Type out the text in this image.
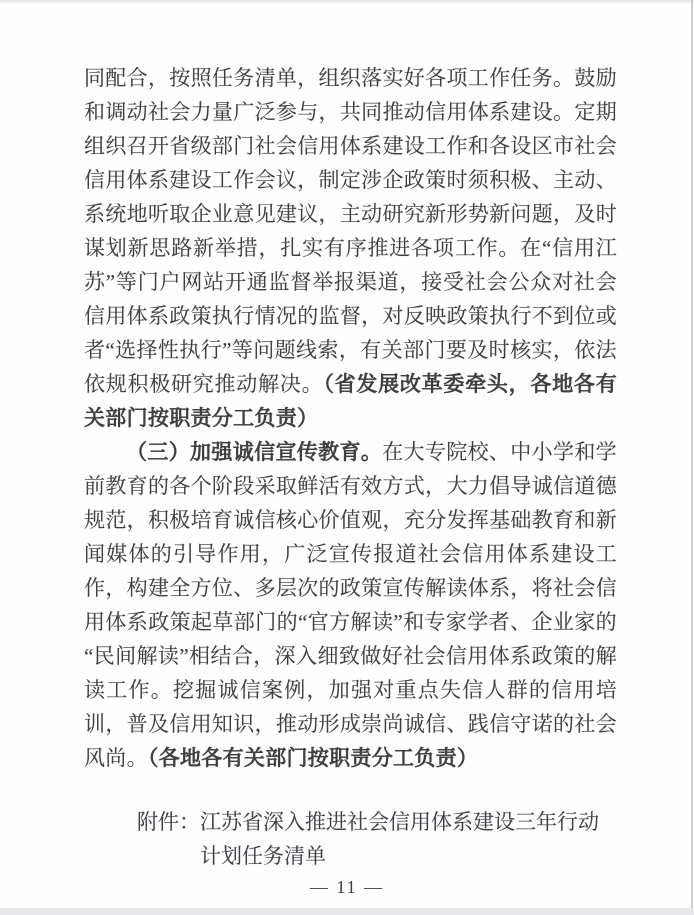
同配合，按照任务清单，组织落实好各项工作任务。鼓励和调动社会力量广泛参与，共同推动信用体系建设。定期组织召开省级部门社会信用体系建设工作和各设区市社会信用体系建设工作会议，制定涉企政策时须积极、主动、系统地听取企业意见建议，主动研究新形势新问题，及时谋划新思路新举措，扎实有序推进各项工作。在“信用江苏”等门户网站开通监督举报渠道，接受社会公众对社会信用体系政策执行情况的监督，对反映政策执行不到位或者“选择性执行”等问题线索，有关部门要及时核实，依法依规积极研究推动解决。（省发展改革委牵头，各地各有关部门按职责分工负责）

（三）加强诚信宣传教育。在大专院校、中小学和学前教育的各个阶段采取鲜活有效方式，大力倡导诚信道德规范，积极培育诚信核心价值观，充分发挥基础教育和新闻媒体的引导作用，广泛宣传报道社会信用体系建设工作，构建全方位、多层次的政策宣传解读体系，将社会信用体系政策起草部门的“官方解读”和专家学者、企业家的“民间解读”相结合，深入细致做好社会信用体系政策的解读工作。挖掘诚信案例，加强对重点失信人群的信用培训，普及信用知识，推动形成崇尚诚信、践信守诺的社会风尚。（各地各有关部门按职责分工负责）

附件： 江苏省深入推进社会信用体系建设三年行动计划任务清单
— 11 —
